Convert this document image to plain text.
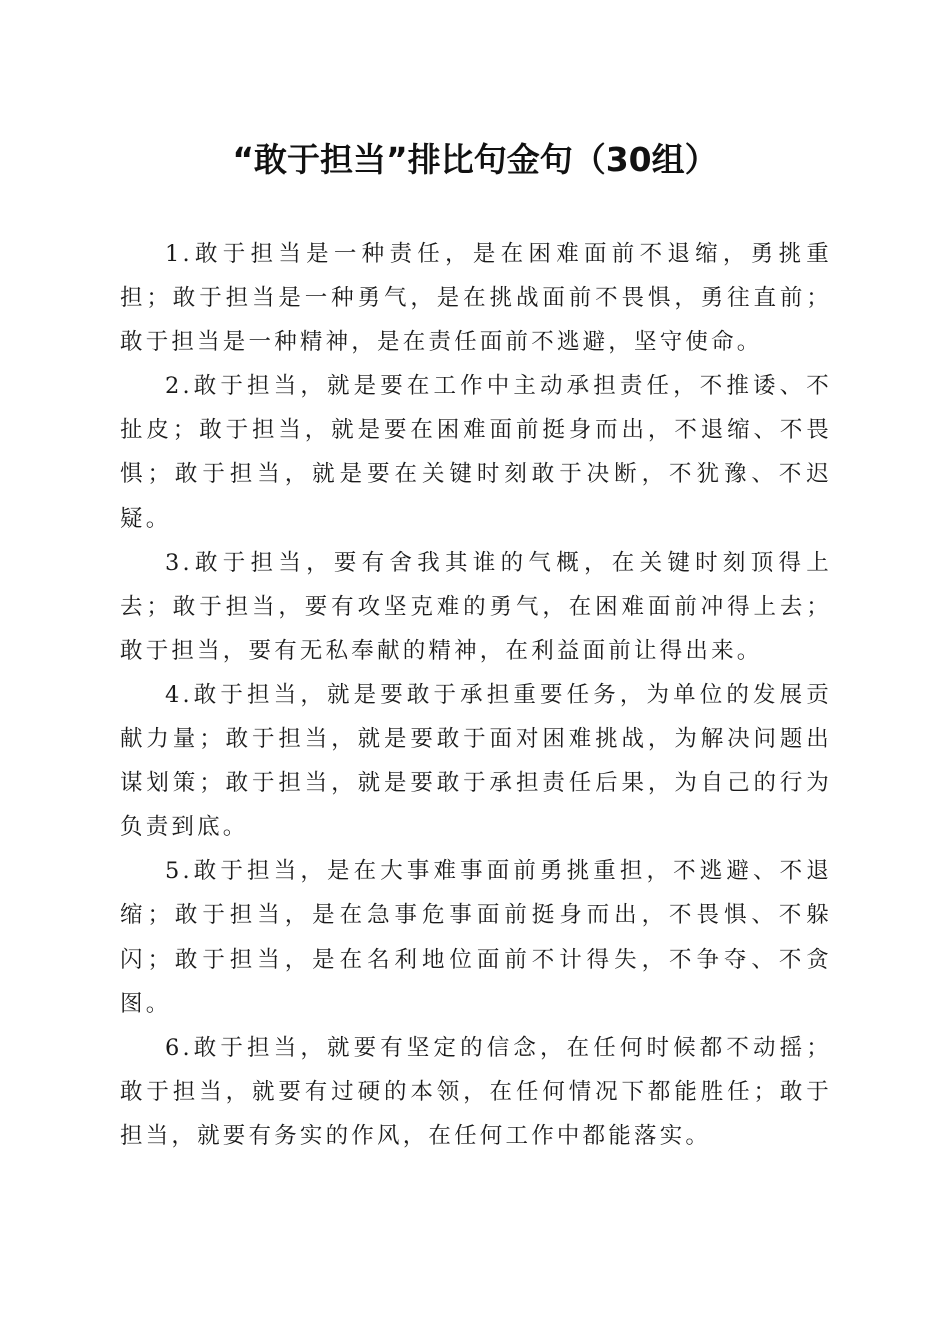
“敢于担当”排比句金句（30组）

1.敢于担当是一种责任，是在困难面前不退缩，勇挑重担；敢于担当是一种勇气，是在挑战面前不畏惧，勇往直前；敢于担当是一种精神，是在责任面前不逃避，坚守使命。

2.敢于担当，就是要在工作中主动承担责任，不推诿、不扯皮；敢于担当，就是要在困难面前挺身而出，不退缩、不畏惧；敢于担当，就是要在关键时刻敢于决断，不犹豫、不迟疑。

3.敢于担当，要有舍我其谁的气概，在关键时刻顶得上去；敢于担当，要有攻坚克难的勇气，在困难面前冲得上去；敢于担当，要有无私奉献的精神，在利益面前让得出来。

4.敢于担当，就是要敢于承担重要任务，为单位的发展贡献力量；敢于担当，就是要敢于面对困难挑战，为解决问题出谋划策；敢于担当，就是要敢于承担责任后果，为自己的行为负责到底。

5.敢于担当，是在大事难事面前勇挑重担，不逃避、不退缩；敢于担当，是在急事危事面前挺身而出，不畏惧、不躲闪；敢于担当，是在名利地位面前不计得失，不争夺、不贪图。

6.敢于担当，就要有坚定的信念，在任何时候都不动摇；敢于担当，就要有过硬的本领，在任何情况下都能胜任；敢于担当，就要有务实的作风，在任何工作中都能落实。
